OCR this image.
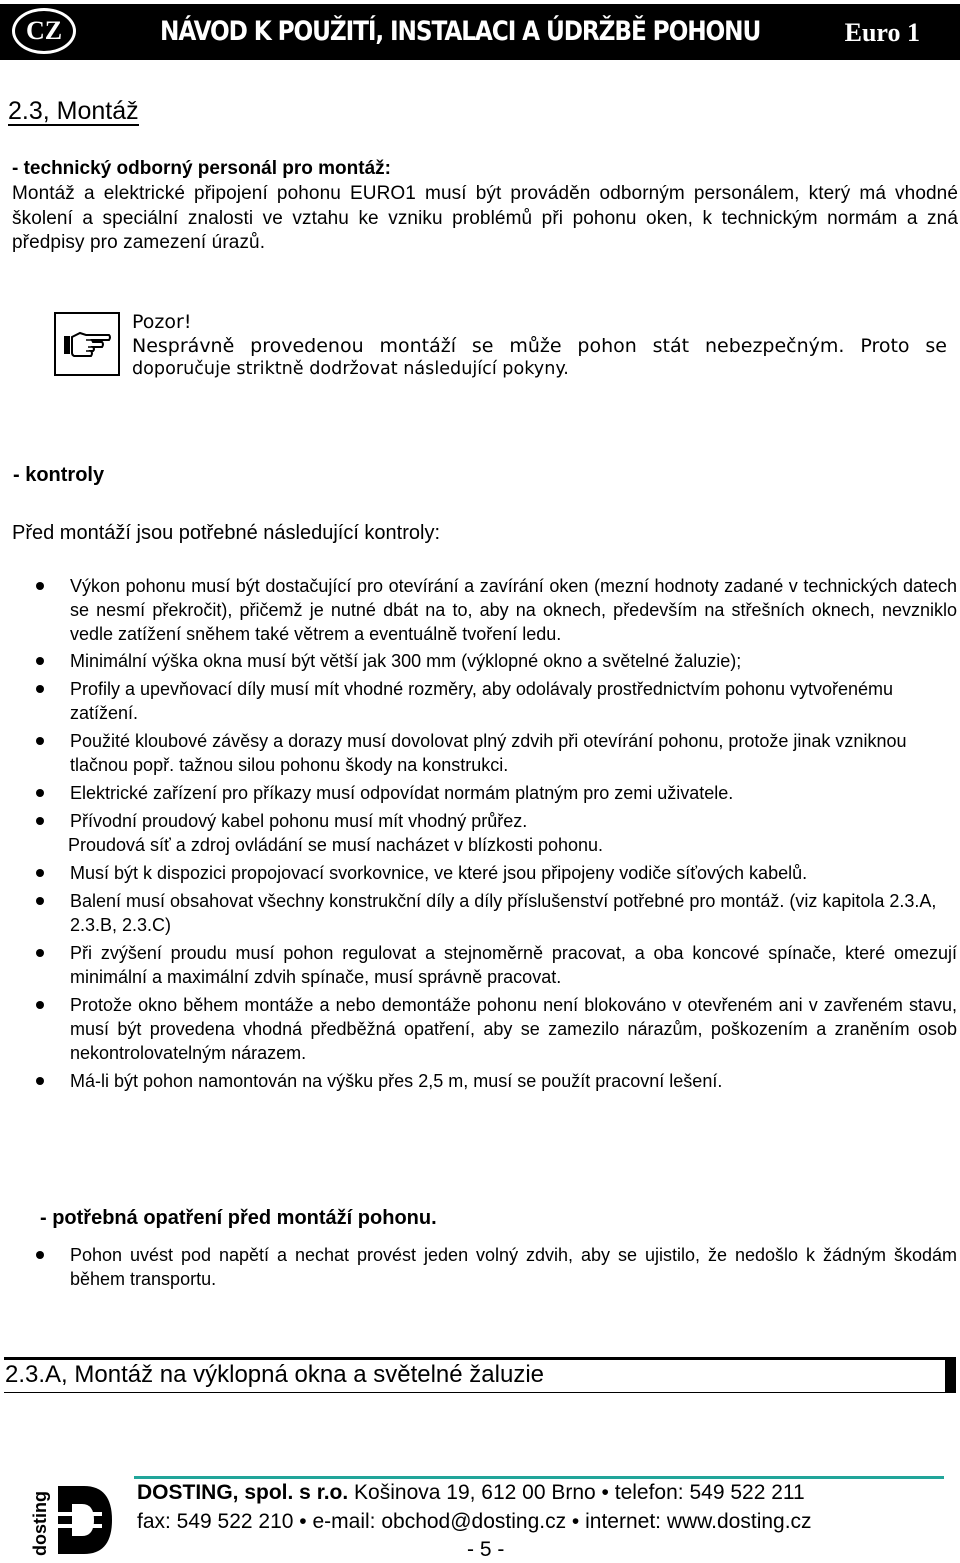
CZ	NÁVOD K POUŽITÍ, INSTALACI A ÚDRŽBĚ POHONU	Euro 1
2.3, Montáž
- technický odborný personál pro montáž:
Montáž a elektrické připojení pohonu EURO1 musí být prováděn odborným personálem, který má vhodné školení a speciální znalosti ve vztahu ke vzniku problémů při pohonu oken, k technickým normám a zná předpisy pro zamezení úrazů.
Pozor!
Nesprávně provedenou montáží se může pohon stát nebezpečným. Proto se
doporučuje striktně dodržovat následující pokyny.
- kontroly
Před montáží jsou potřebné následující kontroly:
Výkon pohonu musí být dostačující pro otevírání a zavírání oken (mezní hodnoty zadané v technických datech se nesmí překročit), přičemž je nutné dbát na to, aby na oknech, především na střešních oknech, nevzniklo vedle zatížení sněhem také větrem a eventuálně tvoření ledu.
Minimální výška okna musí být větší jak 300 mm (výklopné okno a světelné žaluzie);
Profily a upevňovací díly musí mít vhodné rozměry, aby odolávaly prostřednictvím pohonu vytvořenému zatížení.
Použité kloubové závěsy a dorazy musí dovolovat plný zdvih při otevírání pohonu, protože jinak vzniknou tlačnou popř. tažnou silou pohonu škody na konstrukci.
Elektrické zařízení pro příkazy musí odpovídat normám platným pro zemi uživatele.
Přívodní proudový kabel pohonu musí mít vhodný průřez.
Proudová síť a zdroj ovládání se musí nacházet v blízkosti pohonu.
Musí být k dispozici propojovací svorkovnice, ve které jsou připojeny vodiče síťových kabelů.
Balení musí obsahovat všechny konstrukční díly a díly příslušenství potřebné pro montáž. (viz kapitola 2.3.A, 2.3.B, 2.3.C)
Při zvýšení proudu musí pohon regulovat a stejnoměrně pracovat, a oba koncové spínače, které omezují minimální a maximální zdvih spínače, musí správně pracovat.
Protože okno během montáže a nebo demontáže pohonu není blokováno v otevřeném ani v zavřeném stavu, musí být provedena vhodná předběžná opatření, aby se zamezilo nárazům, poškozením a zraněním osob nekontrolovatelným nárazem.
Má-li být pohon namontován na výšku přes 2,5 m, musí se použít pracovní lešení.
- potřebná opatření před montáží pohonu.
Pohon uvést pod napětí a nechat provést jeden volný zdvih, aby se ujistilo, že nedošlo k žádným škodám během transportu.
2.3.A, Montáž na výklopná okna a světelné žaluzie
dosting	DOSTING, spol. s r.o. Košinova 19, 612 00 Brno • telefon: 549 522 211
fax: 549 522 210 • e-mail: obchod@dosting.cz • internet: www.dosting.cz
- 5 -
